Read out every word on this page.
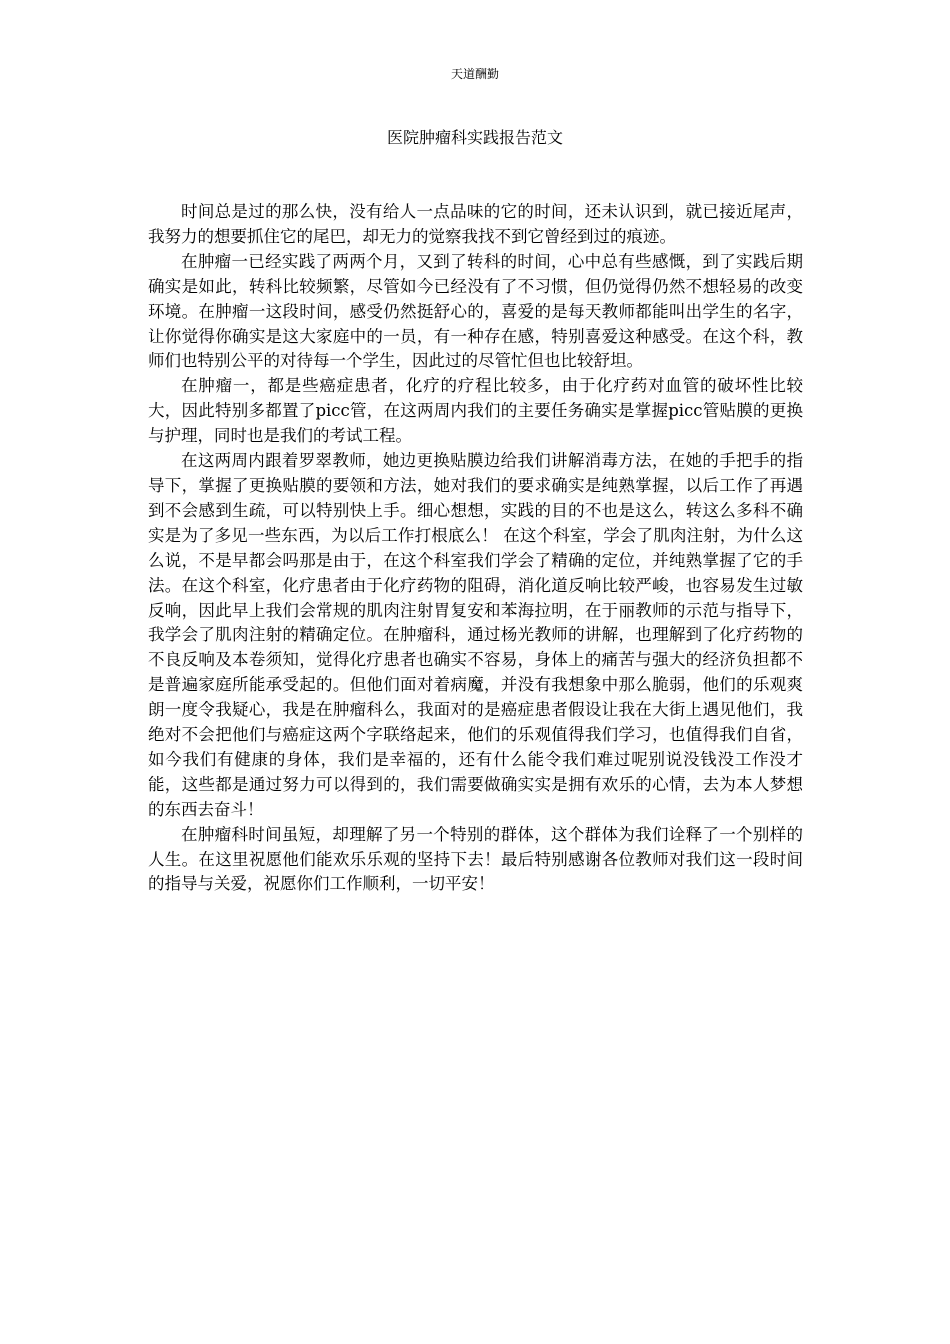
天道酬勤
医院肿瘤科实践报告范文

时间总是过的那么快，没有给人一点品味的它的时间，还未认识到，就已接近尾声，我努力的想要抓住它的尾巴，却无力的觉察我找不到它曾经到过的痕迹。

在肿瘤一已经实践了两两个月，又到了转科的时间，心中总有些感慨，到了实践后期确实是如此，转科比较频繁，尽管如今已经没有了不习惯，但仍觉得仍然不想轻易的改变环境。在肿瘤一这段时间，感受仍然挺舒心的，喜爱的是每天教师都能叫出学生的名字，让你觉得你确实是这大家庭中的一员，有一种存在感，特别喜爱这种感受。在这个科，教师们也特别公平的对待每一个学生，因此过的尽管忙但也比较舒坦。

在肿瘤一，都是些癌症患者，化疗的疗程比较多，由于化疗药对血管的破坏性比较大，因此特别多都置了picc管，在这两周内我们的主要任务确实是掌握picc管贴膜的更换与护理，同时也是我们的考试工程。

在这两周内跟着罗翠教师，她边更换贴膜边给我们讲解消毒方法，在她的手把手的指导下，掌握了更换贴膜的要领和方法，她对我们的要求确实是纯熟掌握，以后工作了再遇到不会感到生疏，可以特别快上手。细心想想，实践的目的不也是这么，转这么多科不确实是为了多见一些东西，为以后工作打根底么！ 在这个科室，学会了肌肉注射，为什么这么说，不是早都会吗那是由于，在这个科室我们学会了精确的定位，并纯熟掌握了它的手法。在这个科室，化疗患者由于化疗药物的阻碍，消化道反响比较严峻，也容易发生过敏反响，因此早上我们会常规的肌肉注射胃复安和苯海拉明，在于丽教师的示范与指导下，我学会了肌肉注射的精确定位。在肿瘤科，通过杨光教师的讲解，也理解到了化疗药物的不良反响及本卷须知，觉得化疗患者也确实不容易，身体上的痛苦与强大的经济负担都不是普遍家庭所能承受起的。但他们面对着病魔，并没有我想象中那么脆弱，他们的乐观爽朗一度令我疑心，我是在肿瘤科么，我面对的是癌症患者假设让我在大街上遇见他们，我绝对不会把他们与癌症这两个字联络起来，他们的乐观值得我们学习，也值得我们自省，如今我们有健康的身体，我们是幸福的，还有什么能令我们难过呢别说没钱没工作没才能，这些都是通过努力可以得到的，我们需要做确实实是拥有欢乐的心情，去为本人梦想的东西去奋斗！

在肿瘤科时间虽短，却理解了另一个特别的群体，这个群体为我们诠释了一个别样的人生。在这里祝愿他们能欢乐乐观的坚持下去！最后特别感谢各位教师对我们这一段时间的指导与关爱，祝愿你们工作顺利，一切平安！
